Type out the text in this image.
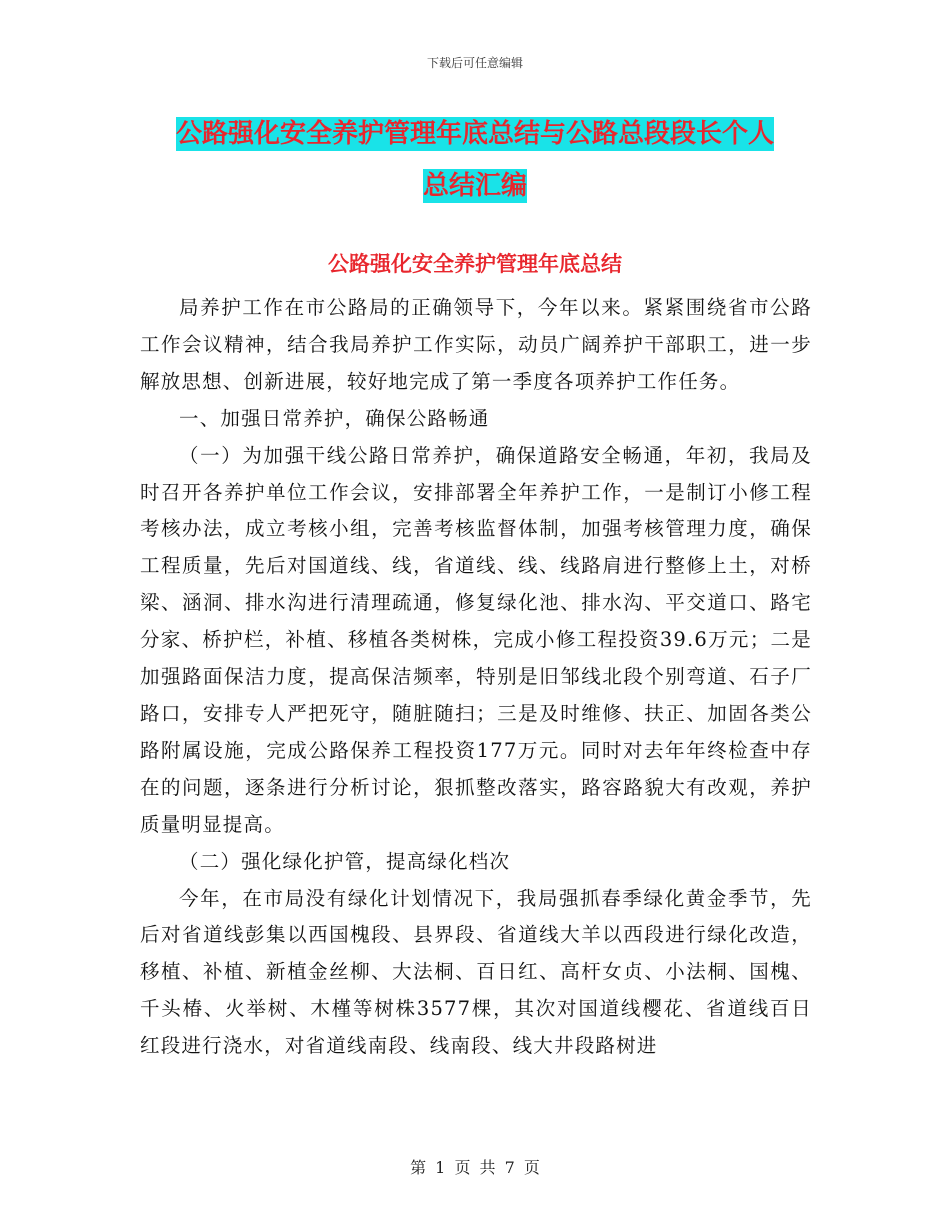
下载后可任意编辑
公路强化安全养护管理年底总结与公路总段段长个人
总结汇编
公路强化安全养护管理年底总结

局养护工作在市公路局的正确领导下，今年以来。紧紧围绕省市公路工作会议精神，结合我局养护工作实际，动员广阔养护干部职工，进一步解放思想、创新进展，较好地完成了第一季度各项养护工作任务。

一、加强日常养护，确保公路畅通

（一）为加强干线公路日常养护，确保道路安全畅通，年初，我局及时召开各养护单位工作会议，安排部署全年养护工作，一是制订小修工程考核办法，成立考核小组，完善考核监督体制，加强考核管理力度，确保工程质量，先后对国道线、线，省道线、线、线路肩进行整修上土，对桥梁、涵洞、排水沟进行清理疏通，修复绿化池、排水沟、平交道口、路宅分家、桥护栏，补植、移植各类树株，完成小修工程投资39.6万元；二是加强路面保洁力度，提高保洁频率，特别是旧邹线北段个别弯道、石子厂路口，安排专人严把死守，随脏随扫；三是及时维修、扶正、加固各类公路附属设施，完成公路保养工程投资177万元。同时对去年年终检查中存在的问题，逐条进行分析讨论，狠抓整改落实，路容路貌大有改观，养护质量明显提高。

（二）强化绿化护管，提高绿化档次

今年，在市局没有绿化计划情况下，我局强抓春季绿化黄金季节，先后对省道线彭集以西国槐段、县界段、省道线大羊以西段进行绿化改造，移植、补植、新植金丝柳、大法桐、百日红、高杆女贞、小法桐、国槐、千头椿、火举树、木槿等树株3577棵，其次对国道线樱花、省道线百日红段进行浇水，对省道线南段、线南段、线大井段路树进

第 1 页 共 7 页
